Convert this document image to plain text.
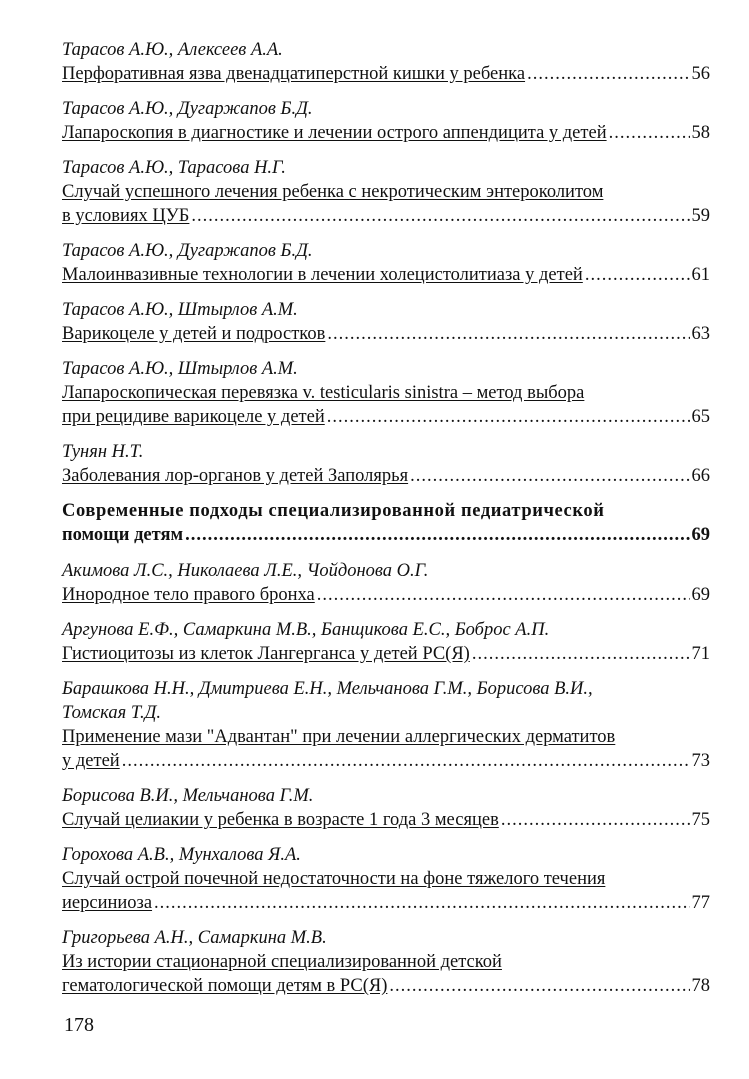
Тарасов А.Ю., Алексеев А.А.
Перфоративная язва двенадцатиперстной кишки у ребенка .....	56
Тарасов А.Ю., Дугаржапов Б.Д.
Лапароскопия в диагностике и лечении острого аппендицита у детей .....	58
Тарасов А.Ю., Тарасова Н.Г.
Случай успешного лечения ребенка с некротическим энтероколитом
в условиях ЦУБ .....	59
Тарасов А.Ю., Дугаржапов Б.Д.
Малоинвазивные технологии в лечении холецистолитиаза у детей .....	61
Тарасов А.Ю., Штырлов А.М.
Варикоцеле у детей и подростков .....	63
Тарасов А.Ю., Штырлов А.М.
Лапароскопическая перевязка v. testicularis sinistra – метод выбора
при рецидиве варикоцеле у детей .....	65
Тунян Н.Т.
Заболевания лор-органов у детей Заполярья .....	66
Современные подходы специализированной педиатрической
помощи детям .....	69
Акимова Л.С., Николаева Л.Е., Чойдонова О.Г.
Инородное тело правого бронха .....	69
Аргунова Е.Ф., Самаркина М.В., Банщикова Е.С., Боброс А.П.
Гистиоцитозы из клеток Лангерганса у детей РС(Я) .....	71
Барашкова Н.Н., Дмитриева Е.Н., Мельчанова Г.М., Борисова В.И.,
Томская Т.Д.
Применение мази "Адвантан" при лечении аллергических дерматитов
у детей .....	73
Борисова В.И., Мельчанова Г.М.
Случай целиакии у ребенка в возрасте 1 года 3 месяцев .....	75
Горохова А.В., Мунхалова Я.А.
Случай острой почечной недостаточности на фоне тяжелого течения
иерсиниоза .....	77
Григорьева А.Н., Самаркина М.В.
Из истории стационарной специализированной детской
гематологической помощи детям в РС(Я) .....	78
178
